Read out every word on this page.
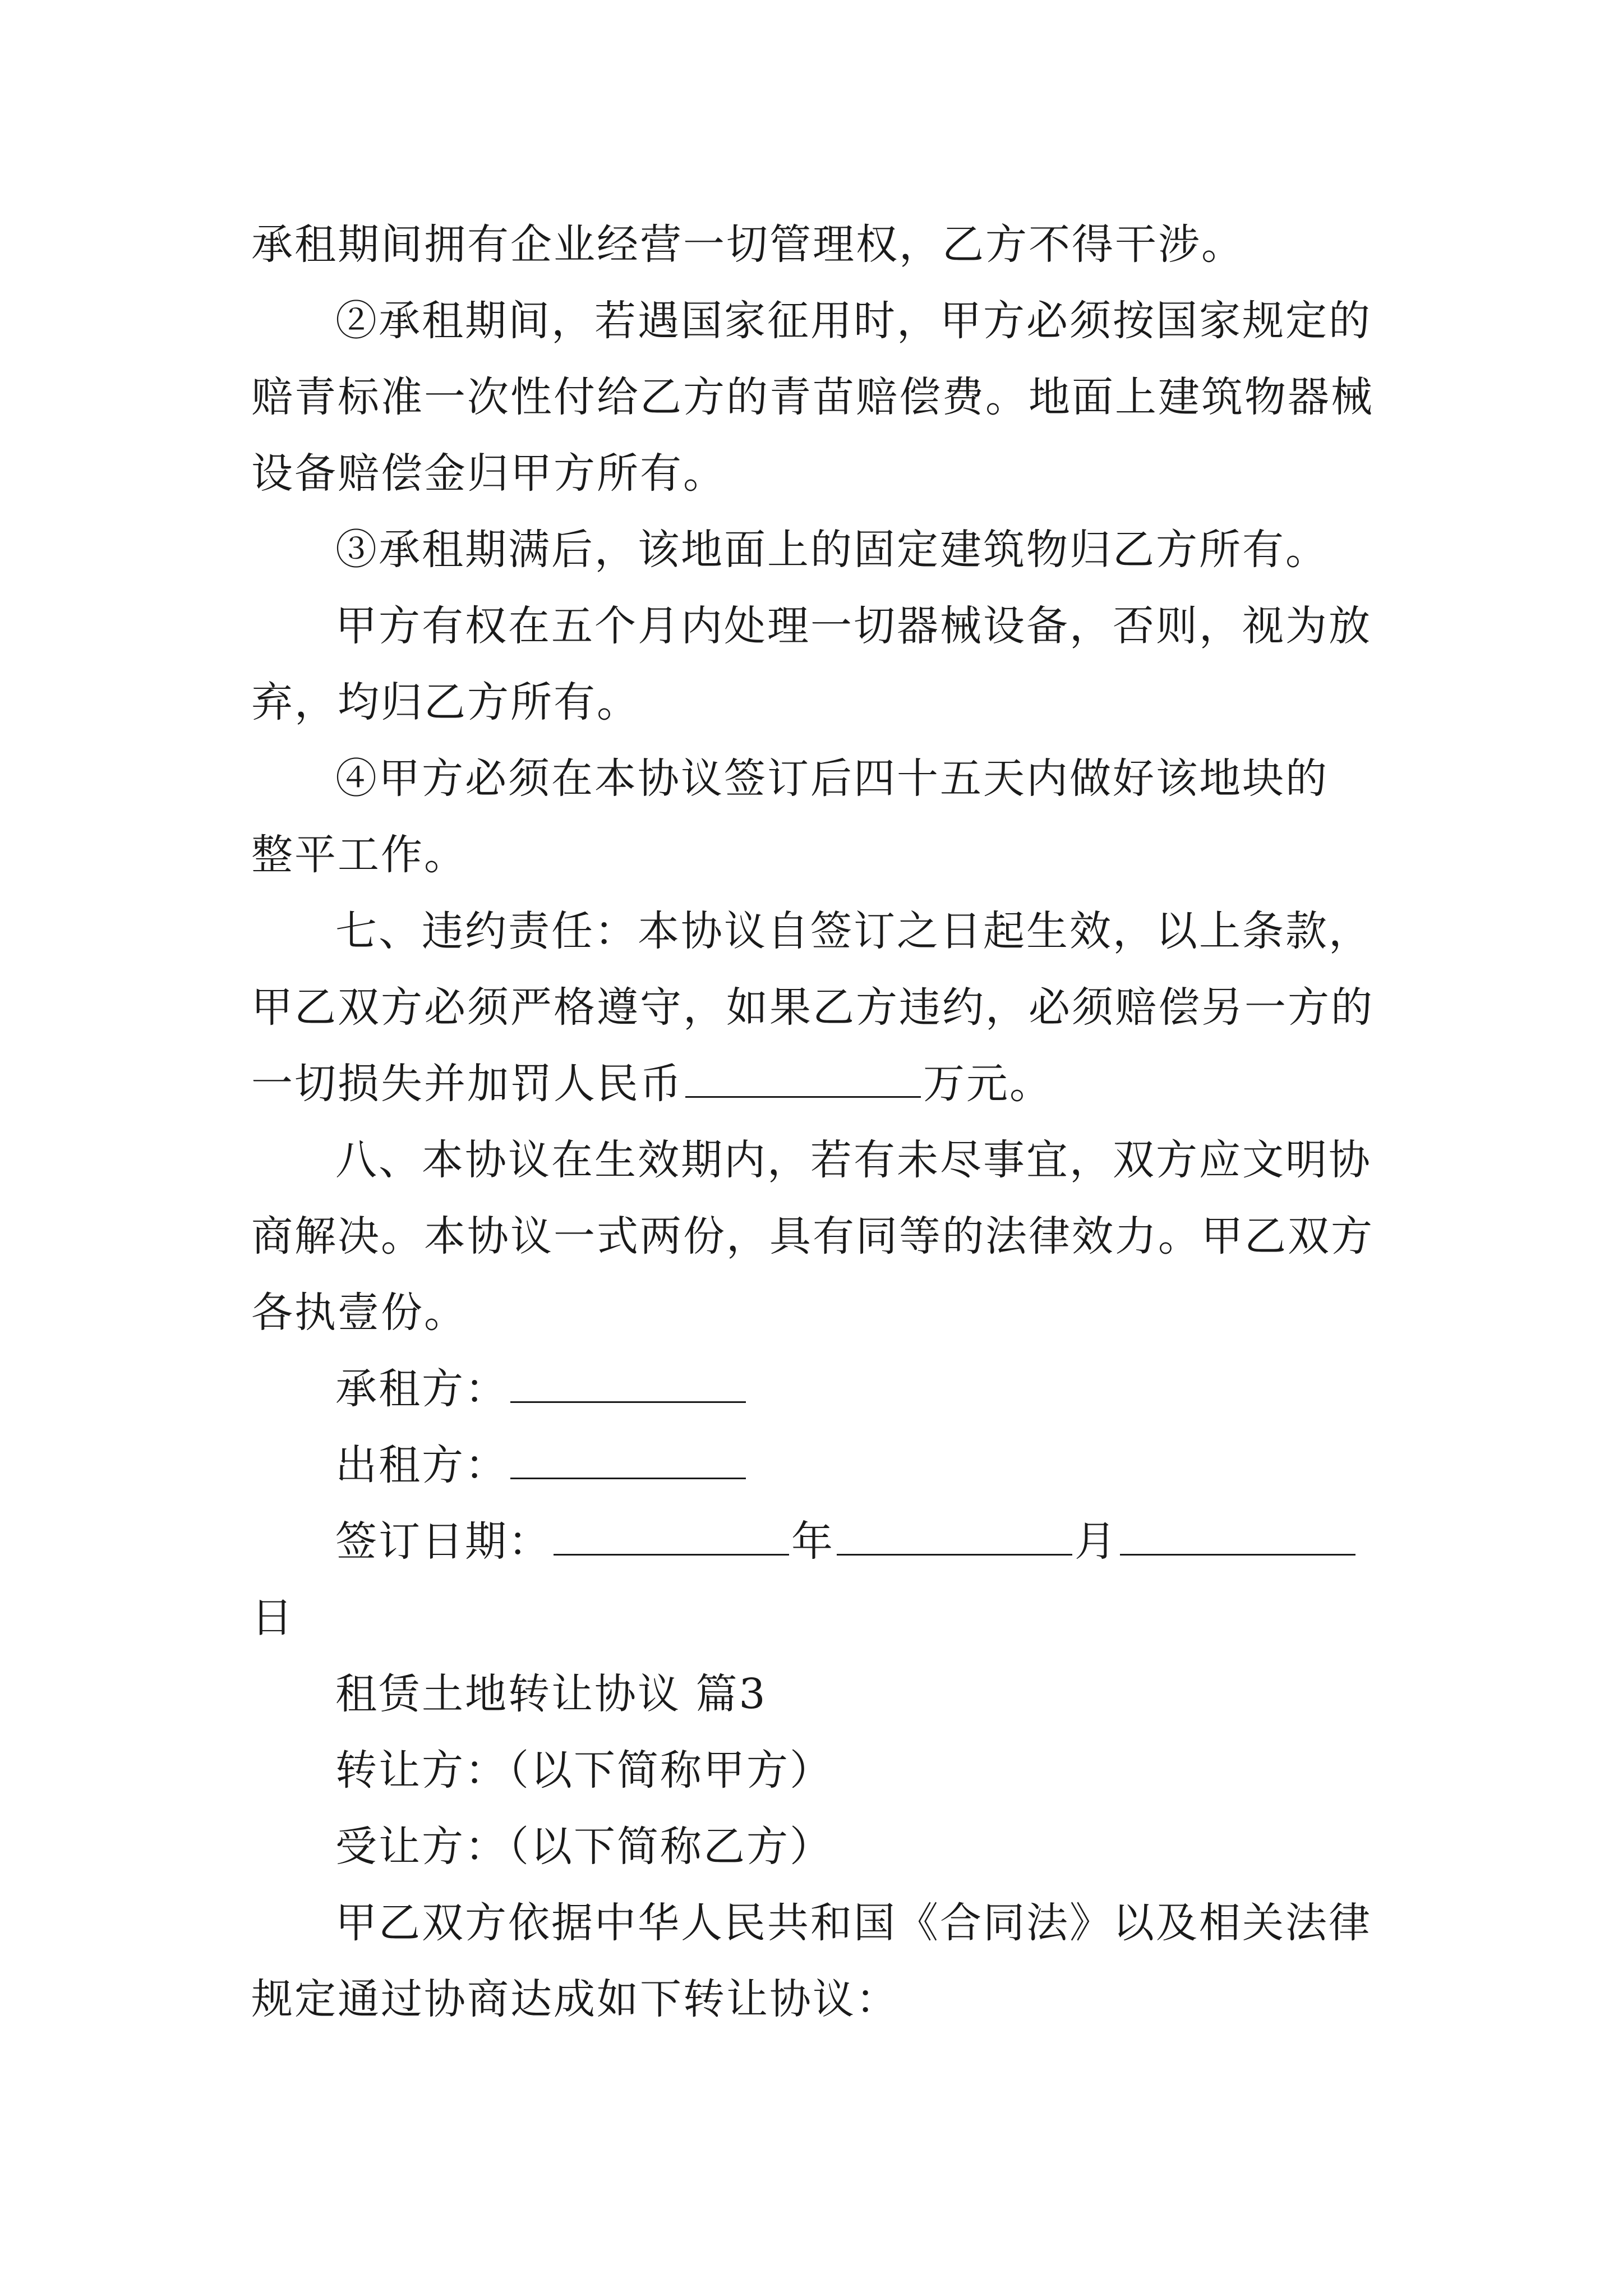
承租期间拥有企业经营一切管理权，乙方不得干涉。
②承租期间，若遇国家征用时，甲方必须按国家规定的
赔青标准一次性付给乙方的青苗赔偿费。地面上建筑物器械
设备赔偿金归甲方所有。
③承租期满后，该地面上的固定建筑物归乙方所有。
甲方有权在五个月内处理一切器械设备，否则，视为放
弃，均归乙方所有。
④甲方必须在本协议签订后四十五天内做好该地块的
整平工作。
七、违约责任：本协议自签订之日起生效，以上条款，
甲乙双方必须严格遵守，如果乙方违约，必须赔偿另一方的
一切损失并加罚人民币	万元。
八、本协议在生效期内，若有未尽事宜，双方应文明协
商解决。本协议一式两份，具有同等的法律效力。甲乙双方
各执壹份。
承租方：
出租方：
签订日期：	年	月
日
租赁土地转让协议 篇3
转让方：（以下简称甲方）
受让方：（以下简称乙方）
甲乙双方依据中华人民共和国《合同法》以及相关法律
规定通过协商达成如下转让协议：
